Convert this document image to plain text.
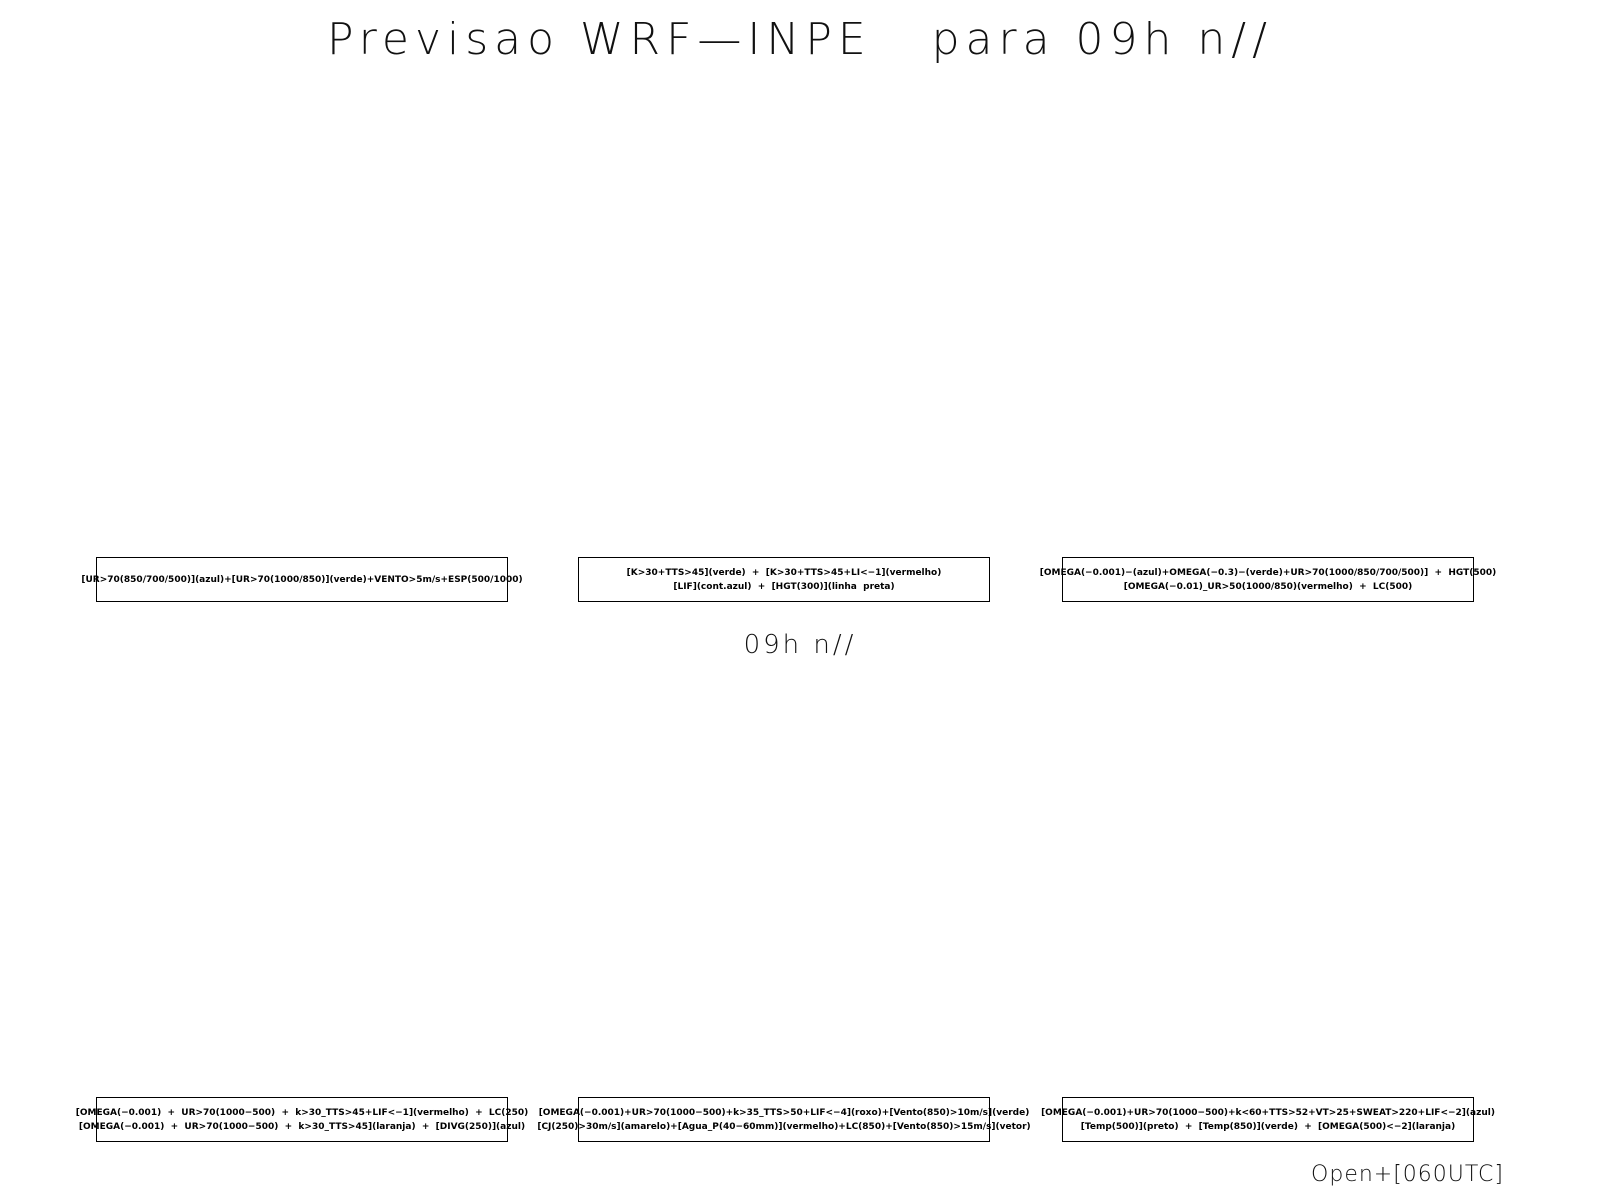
Previsao WRF—INPE   para 09h n//
[UR>70(850/700/500)](azul)+[UR>70(1000/850)](verde)+VENTO>5m/s+ESP(500/1000)
[K>30+TTS>45](verde)  +  [K>30+TTS>45+LI<−1](vermelho)
[LIF](cont.azul)  +  [HGT(300)](linha  preta)
[OMEGA(−0.001)−(azul)+OMEGA(−0.3)−(verde)+UR>70(1000/850/700/500)]  +  HGT(500)
[OMEGA(−0.01)_UR>50(1000/850)(vermelho)  +  LC(500)
09h n//
[OMEGA(−0.001)  +  UR>70(1000−500)  +  k>30_TTS>45+LIF<−1](vermelho)  +  LC(250)
[OMEGA(−0.001)  +  UR>70(1000−500)  +  k>30_TTS>45](laranja)  +  [DIVG(250)](azul)
[OMEGA(−0.001)+UR>70(1000−500)+k>35_TTS>50+LIF<−4](roxo)+[Vento(850)>10m/s](verde)
[CJ(250)>30m/s](amarelo)+[Agua_P(40−60mm)](vermelho)+LC(850)+[Vento(850)>15m/s](vetor)
[OMEGA(−0.001)+UR>70(1000−500)+k<60+TTS>52+VT>25+SWEAT>220+LIF<−2](azul)
[Temp(500)](preto)  +  [Temp(850)](verde)  +  [OMEGA(500)<−2](laranja)
Open+[060UTC]
